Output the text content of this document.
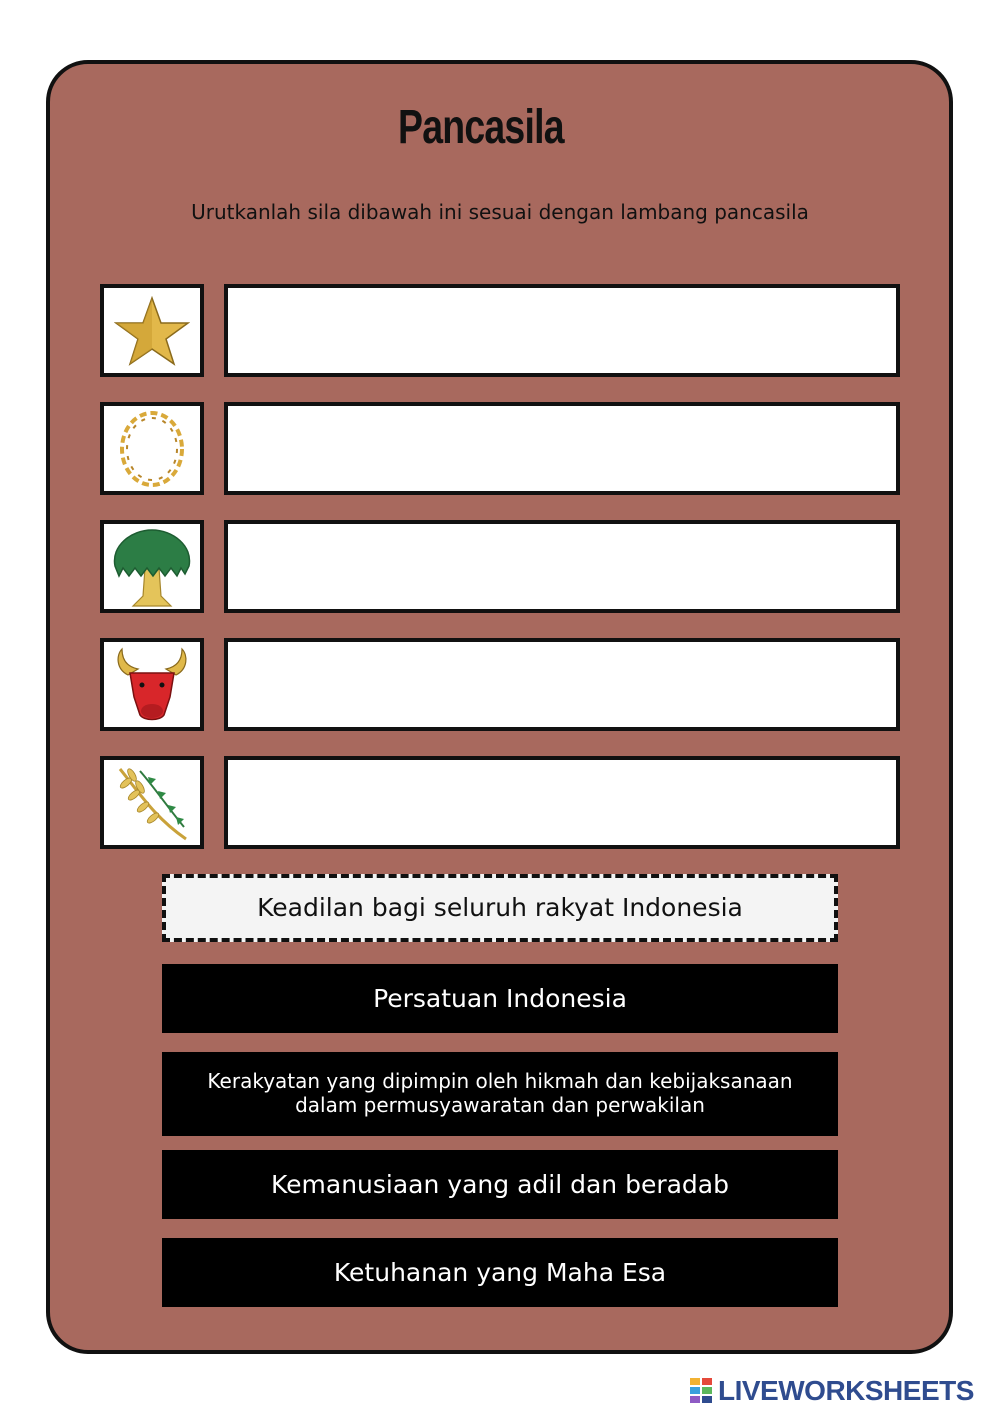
Pancasila
Urutkanlah sila dibawah ini sesuai dengan lambang pancasila
Keadilan bagi seluruh rakyat Indonesia
Persatuan Indonesia
Kerakyatan yang dipimpin oleh hikmah dan kebijaksanaan dalam permusyawaratan dan perwakilan
Kemanusiaan yang adil dan beradab
Ketuhanan yang Maha Esa
LIVEWORKSHEETS
